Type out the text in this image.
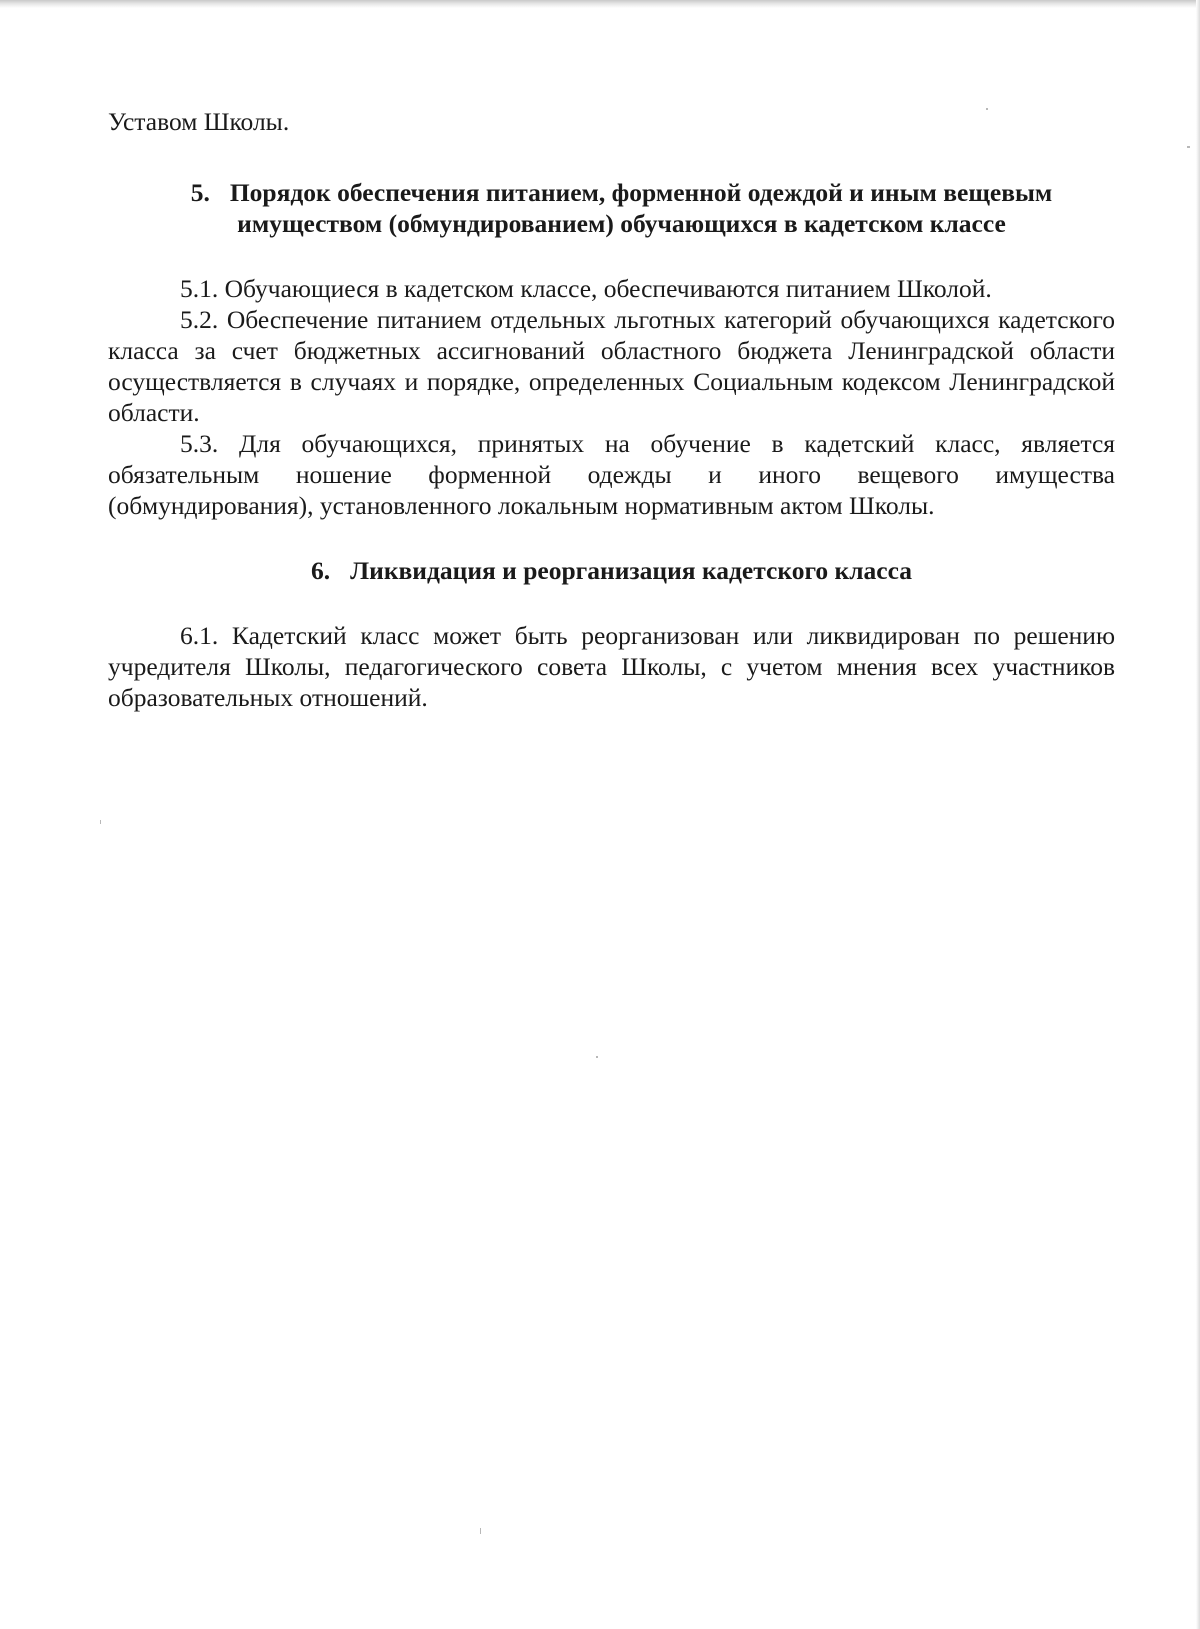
Уставом Школы.

5. Порядок обеспечения питанием, форменной одеждой и иным вещевым
имуществом (обмундированием) обучающихся в кадетском классе

5.1. Обучающиеся в кадетском классе, обеспечиваются питанием Школой.

5.2. Обеспечение питанием отдельных льготных категорий обучающихся кадетского класса за счет бюджетных ассигнований областного бюджета Ленинградской области осуществляется в случаях и порядке, определенных Социальным кодексом Ленинградской области.

5.3. Для обучающихся, принятых на обучение в кадетский класс, является обязательным ношение форменной одежды и иного вещевого имущества (обмундирования), установленного локальным нормативным актом Школы.

6. Ликвидация и реорганизация кадетского класса

6.1. Кадетский класс может быть реорганизован или ликвидирован по решению учредителя Школы, педагогического совета Школы, с учетом мнения всех участников образовательных отношений.
